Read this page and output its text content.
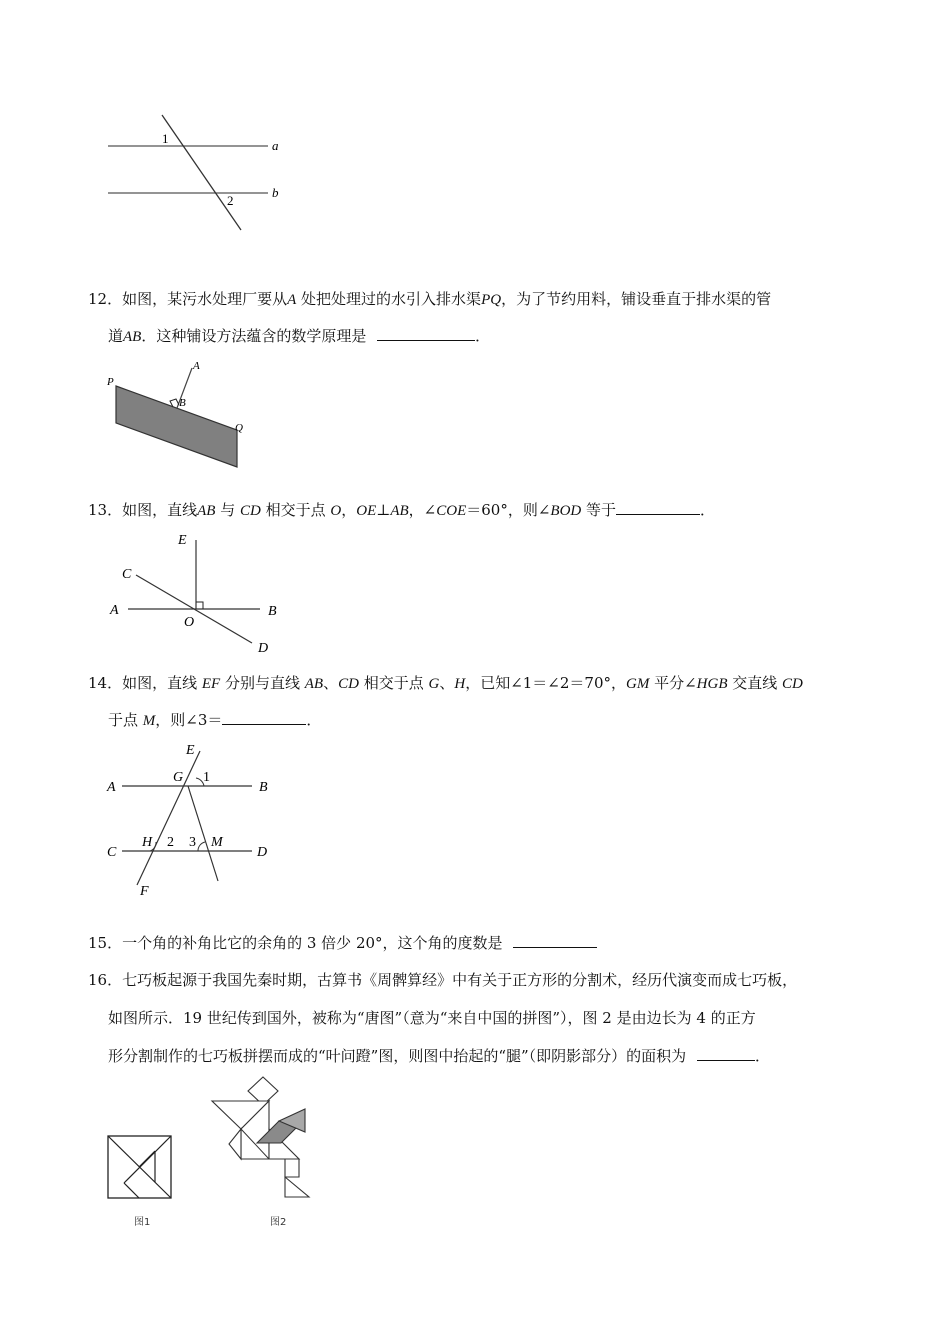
1
2
a
b
12．如图，某污水处理厂要从A 处把处理过的水引入排水渠PQ，为了节约用料，铺设垂直于排水渠的管
道AB．这种铺设方法蕴含的数学原理是	．
P
A
B
Q
13．如图，直线AB 与 CD 相交于点 O，OE⊥AB，∠COE＝60°，则∠BOD 等于	．
E
C
A
O
B
D
14．如图，直线 EF 分别与直线 AB、CD 相交于点 G、H，已知∠1＝∠2＝70°，GM 平分∠HGB 交直线 CD
于点 M，则∠3＝	．
E
G 1
A	B
C
H 2 3 M
D
F
15．一个角的补角比它的余角的 3 倍少 20°，这个角的度数是
16．七巧板起源于我国先秦时期，古算书《周髀算经》中有关于正方形的分割术，经历代演变而成七巧板，
如图所示．19 世纪传到国外，被称为“唐图”（意为“来自中国的拼图”），图 2 是由边长为 4 的正方
形分割制作的七巧板拼摆而成的“叶问蹬”图，则图中抬起的“腿”（即阴影部分）的面积为	．
图1	图2
